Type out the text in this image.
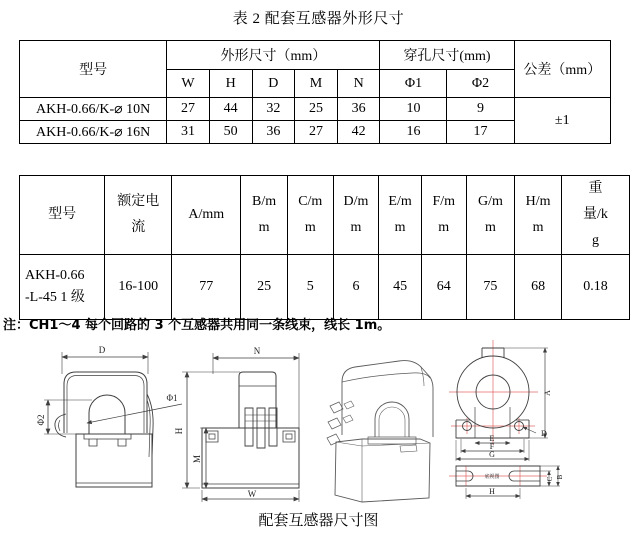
表 2 配套互感器外形尺寸
型号	外形尺寸（mm）					穿孔尺寸(mm)		公差（mm）
	W	H	D	M	N	Φ1	Φ2	
AKH-0.66/K-⌀ 10N	27	44	32	25	36	10	9	±1
AKH-0.66/K-⌀ 16N	31	50	36	27	42	16	17	
型号	额定电流	A/mm	B/mm	C/mm	D/mm	E/mm	F/mm	G/mm	H/mm	重量/kg

AKH-0.66
-L-45 1 级	16-100	77	25	5	6	45	64	75	68	0.18
注：CH1～4 每个回路的 3 个互感器共用同一条线束，线长 1m。
D
Φ2
Φ1
N
H
M
W
A
D
E
F
G
底视图	C B
H
配套互感器尺寸图
